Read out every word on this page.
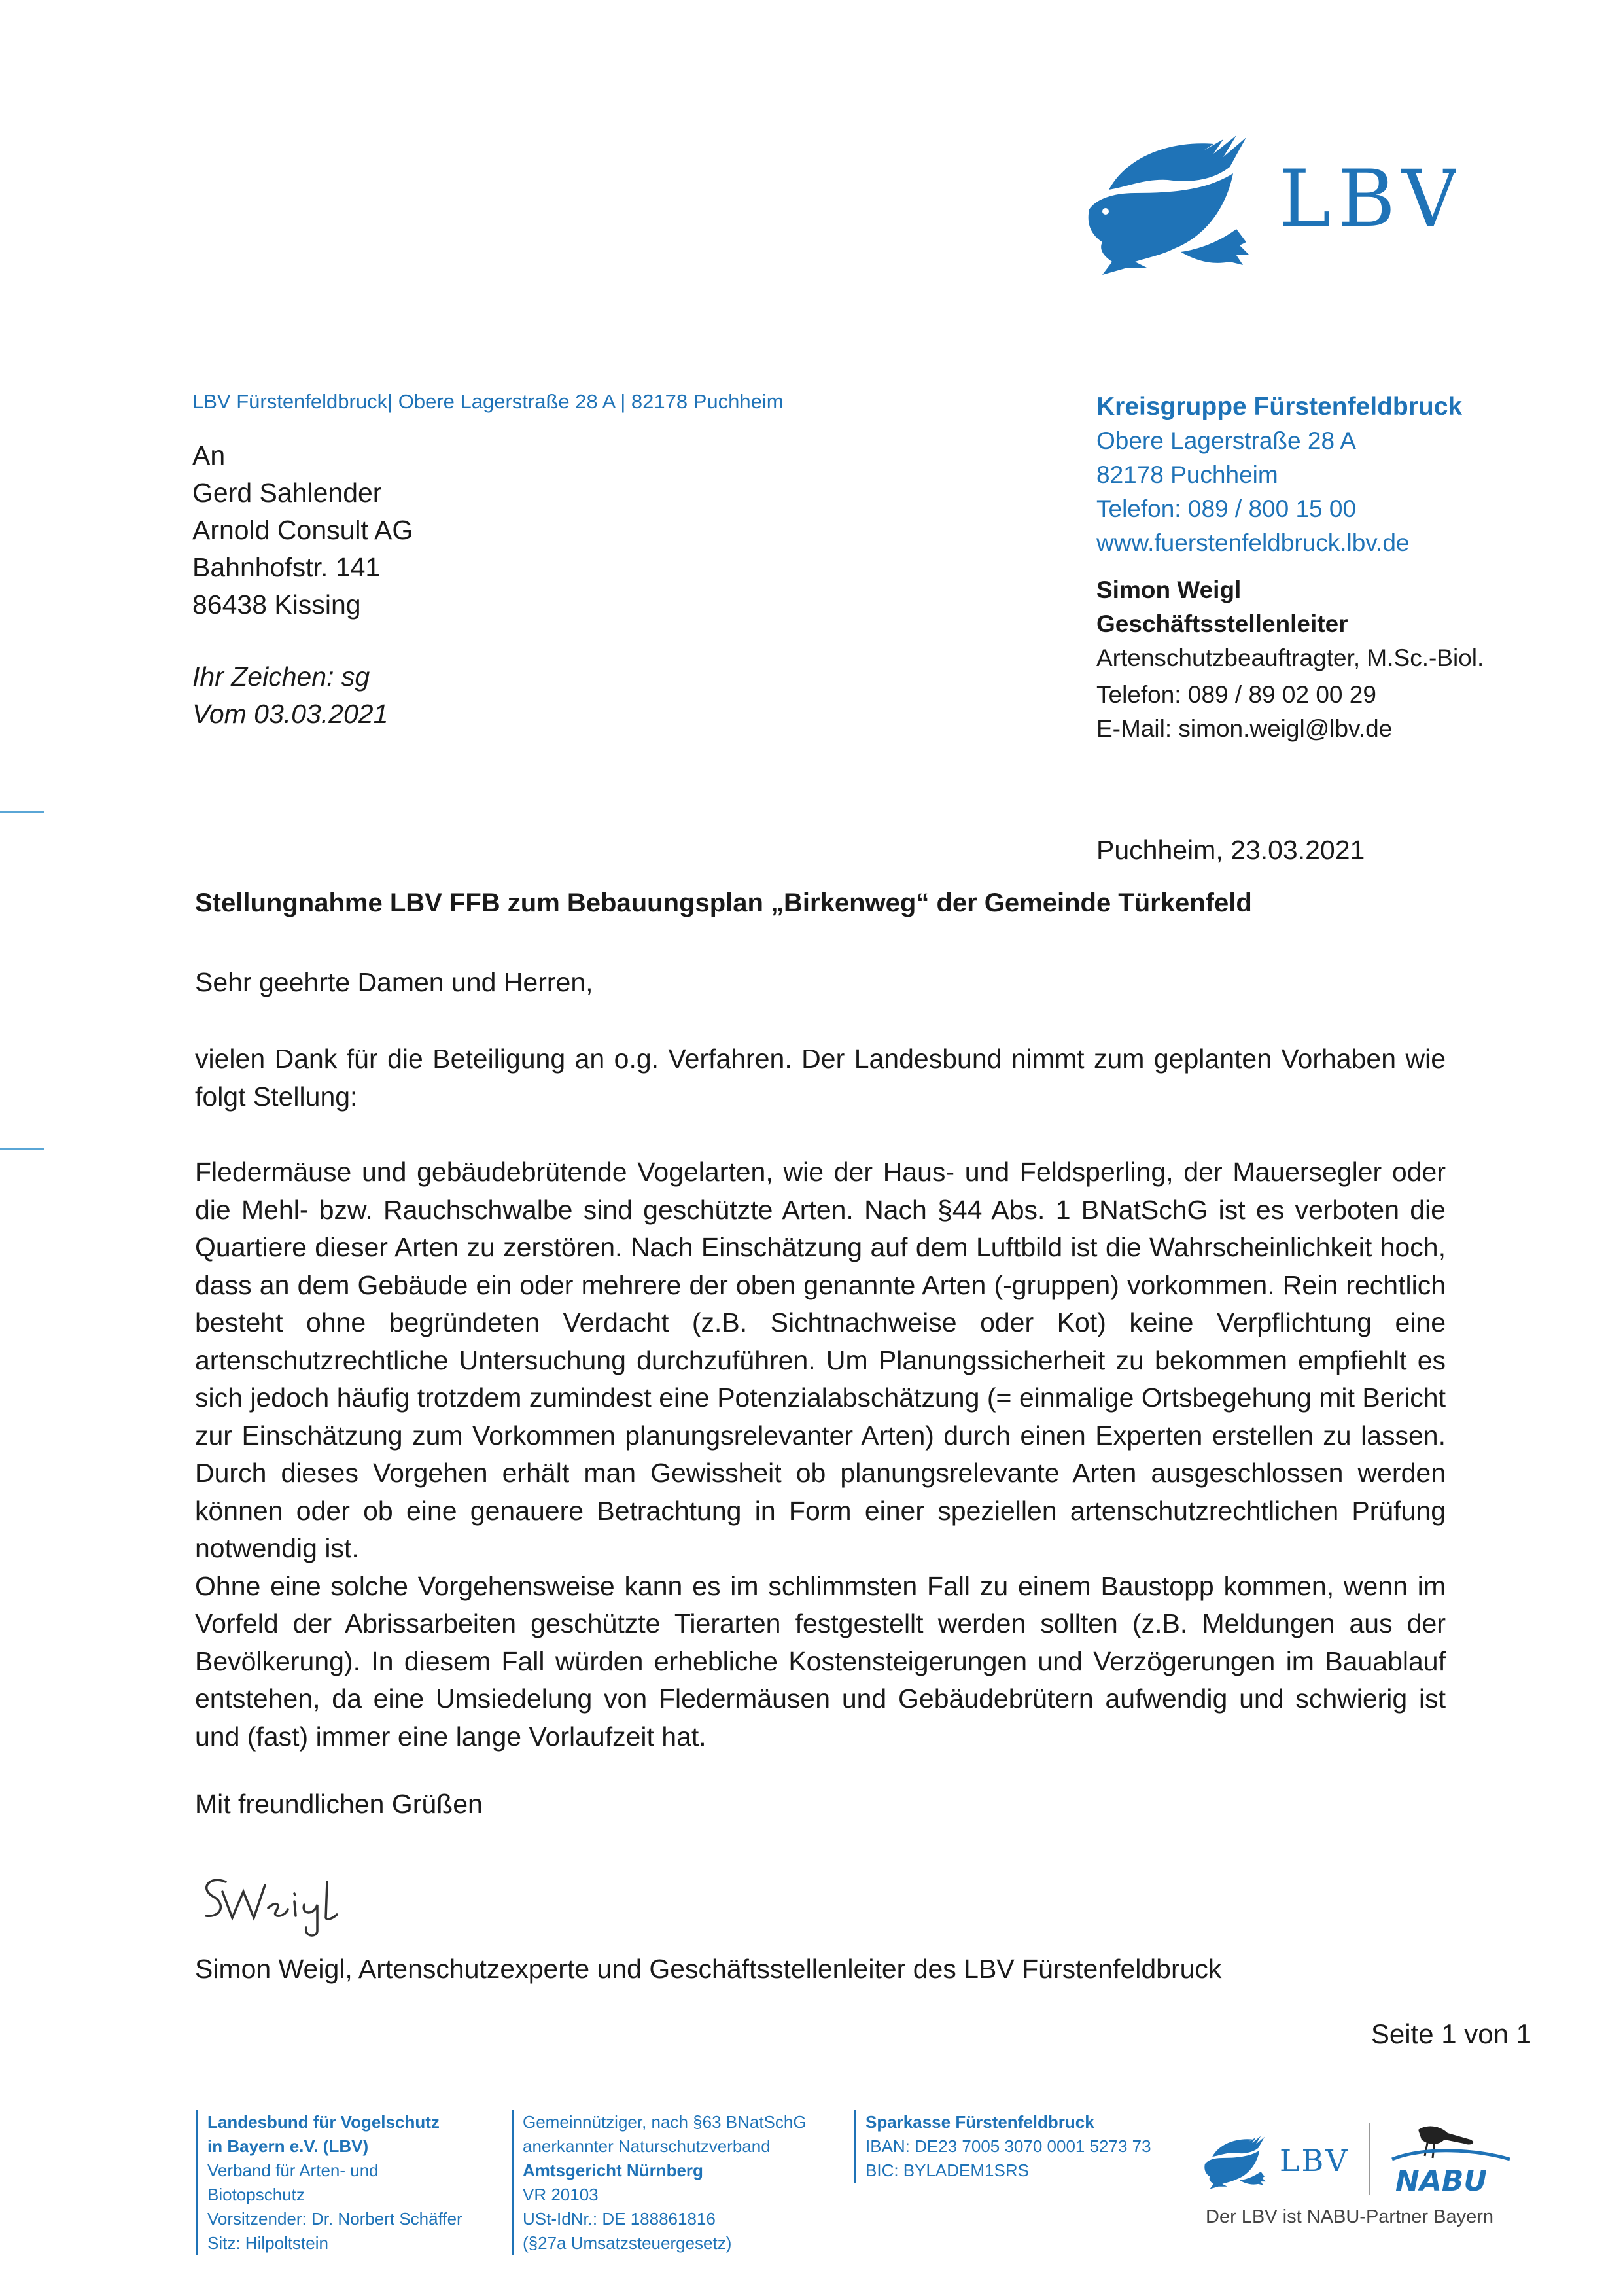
LBV
LBV Fürstenfeldbruck| Obere Lagerstraße 28 A | 82178 Puchheim
An
Gerd Sahlender
Arnold Consult AG
Bahnhofstr. 141
86438 Kissing
Ihr Zeichen: sg
Vom 03.03.2021
Kreisgruppe Fürstenfeldbruck
Obere Lagerstraße 28 A
82178 Puchheim
Telefon: 089 / 800 15 00
www.fuerstenfeldbruck.lbv.de
Simon Weigl
Geschäftsstellenleiter
Artenschutzbeauftragter, M.Sc.-Biol.
Telefon: 089 / 89 02 00 29
E-Mail: simon.weigl@lbv.de
Puchheim, 23.03.2021
Stellungnahme LBV FFB zum Bebauungsplan „Birkenweg“ der Gemeinde Türkenfeld
Sehr geehrte Damen und Herren,

vielen Dank für die Beteiligung an o.g. Verfahren. Der Landesbund nimmt zum geplanten Vorhaben wie folgt Stellung:

Fledermäuse und gebäudebrütende Vogelarten, wie der Haus- und Feldsperling, der Mauersegler oder die Mehl- bzw. Rauchschwalbe sind geschützte Arten. Nach §44 Abs. 1 BNatSchG ist es verboten die Quartiere dieser Arten zu zerstören. Nach Einschätzung auf dem Luftbild ist die Wahrscheinlichkeit hoch, dass an dem Gebäude ein oder mehrere der oben genannte Arten (-gruppen) vorkommen. Rein rechtlich besteht ohne begründeten Verdacht (z.B. Sichtnachweise oder Kot) keine Verpflichtung eine artenschutzrechtliche Untersuchung durchzuführen. Um Planungssicherheit zu bekommen empfiehlt es sich jedoch häufig trotzdem zumindest eine Potenzialabschätzung (= einmalige Ortsbegehung mit Bericht zur Einschätzung zum Vorkommen planungsrelevanter Arten) durch einen Experten erstellen zu lassen. Durch dieses Vorgehen erhält man Gewissheit ob planungsrelevante Arten ausgeschlossen werden können oder ob eine genauere Betrachtung in Form einer speziellen artenschutzrechtlichen Prüfung notwendig ist.

Ohne eine solche Vorgehensweise kann es im schlimmsten Fall zu einem Baustopp kommen, wenn im Vorfeld der Abrissarbeiten geschützte Tierarten festgestellt werden sollten (z.B. Meldungen aus der Bevölkerung). In diesem Fall würden erhebliche Kostensteigerungen und Verzögerungen im Bauablauf entstehen, da eine Umsiedelung von Fledermäusen und Gebäudebrütern aufwendig und schwierig ist und (fast) immer eine lange Vorlaufzeit hat.

Mit freundlichen Grüßen
Simon Weigl, Artenschutzexperte und Geschäftsstellenleiter des LBV Fürstenfeldbruck
Seite 1 von 1
Landesbund für Vogelschutz
in Bayern e.V. (LBV)
Verband für Arten- und
Biotopschutz
Vorsitzender: Dr. Norbert Schäffer
Sitz: Hilpoltstein
Gemeinnütziger, nach §63 BNatSchG
anerkannter Naturschutzverband
Amtsgericht Nürnberg
VR 20103
USt-IdNr.: DE 188861816
(§27a Umsatzsteuergesetz)
Sparkasse Fürstenfeldbruck
IBAN: DE23 7005 3070 0001 5273 73
BIC: BYLADEM1SRS	LBV
NABU
Der LBV ist NABU-Partner Bayern
